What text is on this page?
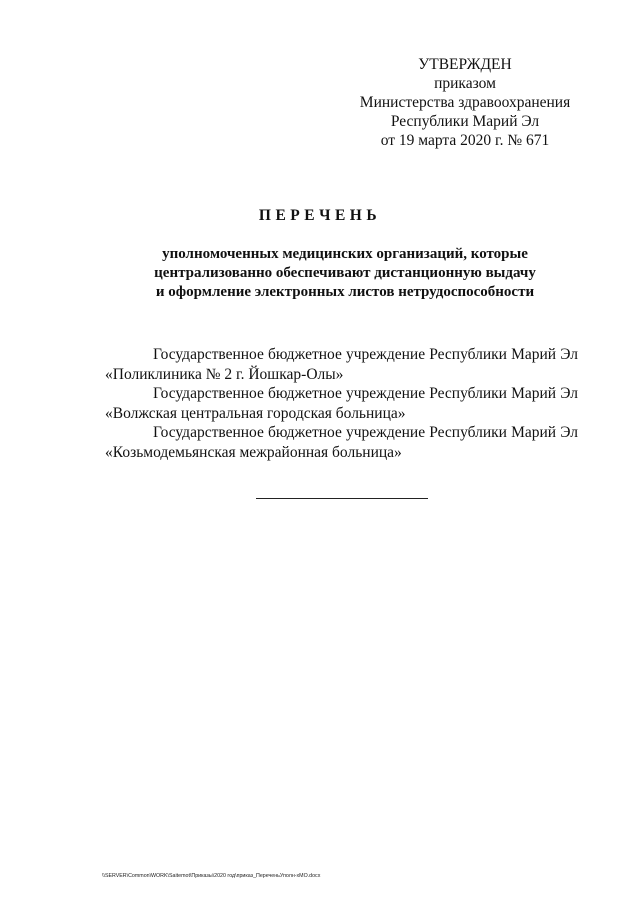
УТВЕРЖДЕН
приказом
Министерства здравоохранения
Республики Марий Эл
от 19 марта 2020 г. № 671
ПЕРЕЧЕНЬ
уполномоченных медицинских организаций, которые
централизованно обеспечивают дистанционную выдачу
и оформление электронных листов нетрудоспособности
Государственное бюджетное учреждение Республики Марий Эл
«Поликлиника № 2 г. Йошкар-Олы»
Государственное бюджетное учреждение Республики Марий Эл
«Волжская центральная городская больница»
Государственное бюджетное учреждение Республики Марий Эл
«Козьмодемьянская межрайонная больница»
\\SERVER\Common\WORK\Saitemot\Приказы\2020 год\приказ_ПереченьУполн-хМО.docx
